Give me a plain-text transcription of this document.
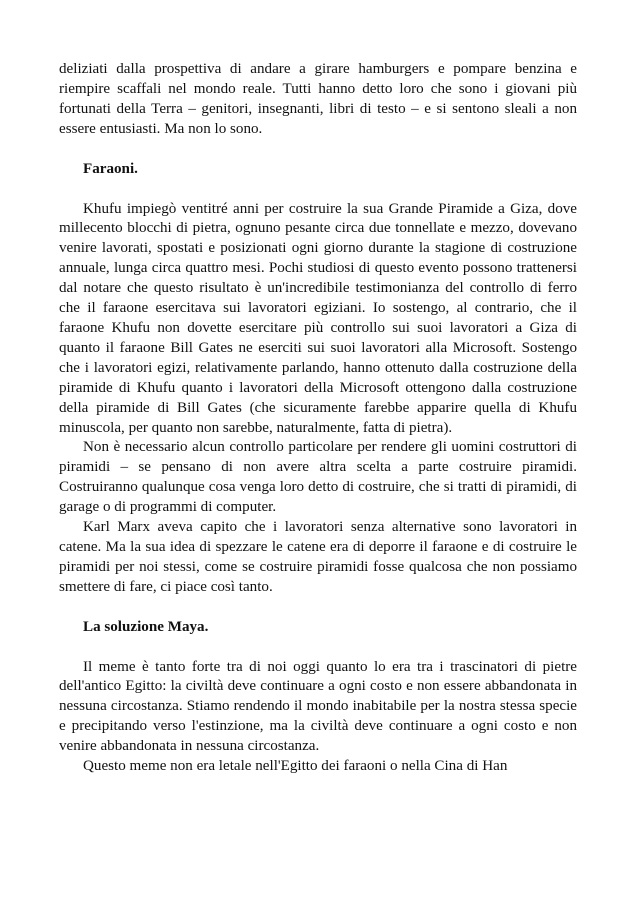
deliziati dalla prospettiva di andare a girare hamburgers e pompare benzina e riempire scaffali nel mondo reale. Tutti hanno detto loro che sono i giovani più fortunati della Terra – genitori, insegnanti, libri di testo – e si sentono sleali a non essere entusiasti. Ma non lo sono.

Faraoni.

Khufu impiegò ventitré anni per costruire la sua Grande Piramide a Giza, dove millecento blocchi di pietra, ognuno pesante circa due tonnellate e mezzo, dovevano venire lavorati, spostati e posizionati ogni giorno durante la stagione di costruzione annuale, lunga circa quattro mesi. Pochi studiosi di questo evento possono trattenersi dal notare che questo risultato è un'incredibile testimonianza del controllo di ferro che il faraone esercitava sui lavoratori egiziani. Io sostengo, al contrario, che il faraone Khufu non dovette esercitare più controllo sui suoi lavoratori a Giza di quanto il faraone Bill Gates ne eserciti sui suoi lavoratori alla Microsoft. Sostengo che i lavoratori egizi, relativamente parlando, hanno ottenuto dalla costruzione della piramide di Khufu quanto i lavoratori della Microsoft ottengono dalla costruzione della piramide di Bill Gates (che sicuramente farebbe apparire quella di Khufu minuscola, per quanto non sarebbe, naturalmente, fatta di pietra).

Non è necessario alcun controllo particolare per rendere gli uomini costruttori di piramidi – se pensano di non avere altra scelta a parte costruire piramidi. Costruiranno qualunque cosa venga loro detto di costruire, che si tratti di piramidi, di garage o di programmi di computer.

Karl Marx aveva capito che i lavoratori senza alternative sono lavoratori in catene. Ma la sua idea di spezzare le catene era di deporre il faraone e di costruire le piramidi per noi stessi, come se costruire piramidi fosse qualcosa che non possiamo smettere di fare, ci piace così tanto.

La soluzione Maya.

Il meme è tanto forte tra di noi oggi quanto lo era tra i trascinatori di pietre dell'antico Egitto: la civiltà deve continuare a ogni costo e non essere abbandonata in nessuna circostanza. Stiamo rendendo il mondo inabitabile per la nostra stessa specie e precipitando verso l'estinzione, ma la civiltà deve continuare a ogni costo e non venire abbandonata in nessuna circostanza.

Questo meme non era letale nell'Egitto dei faraoni o nella Cina di Han
